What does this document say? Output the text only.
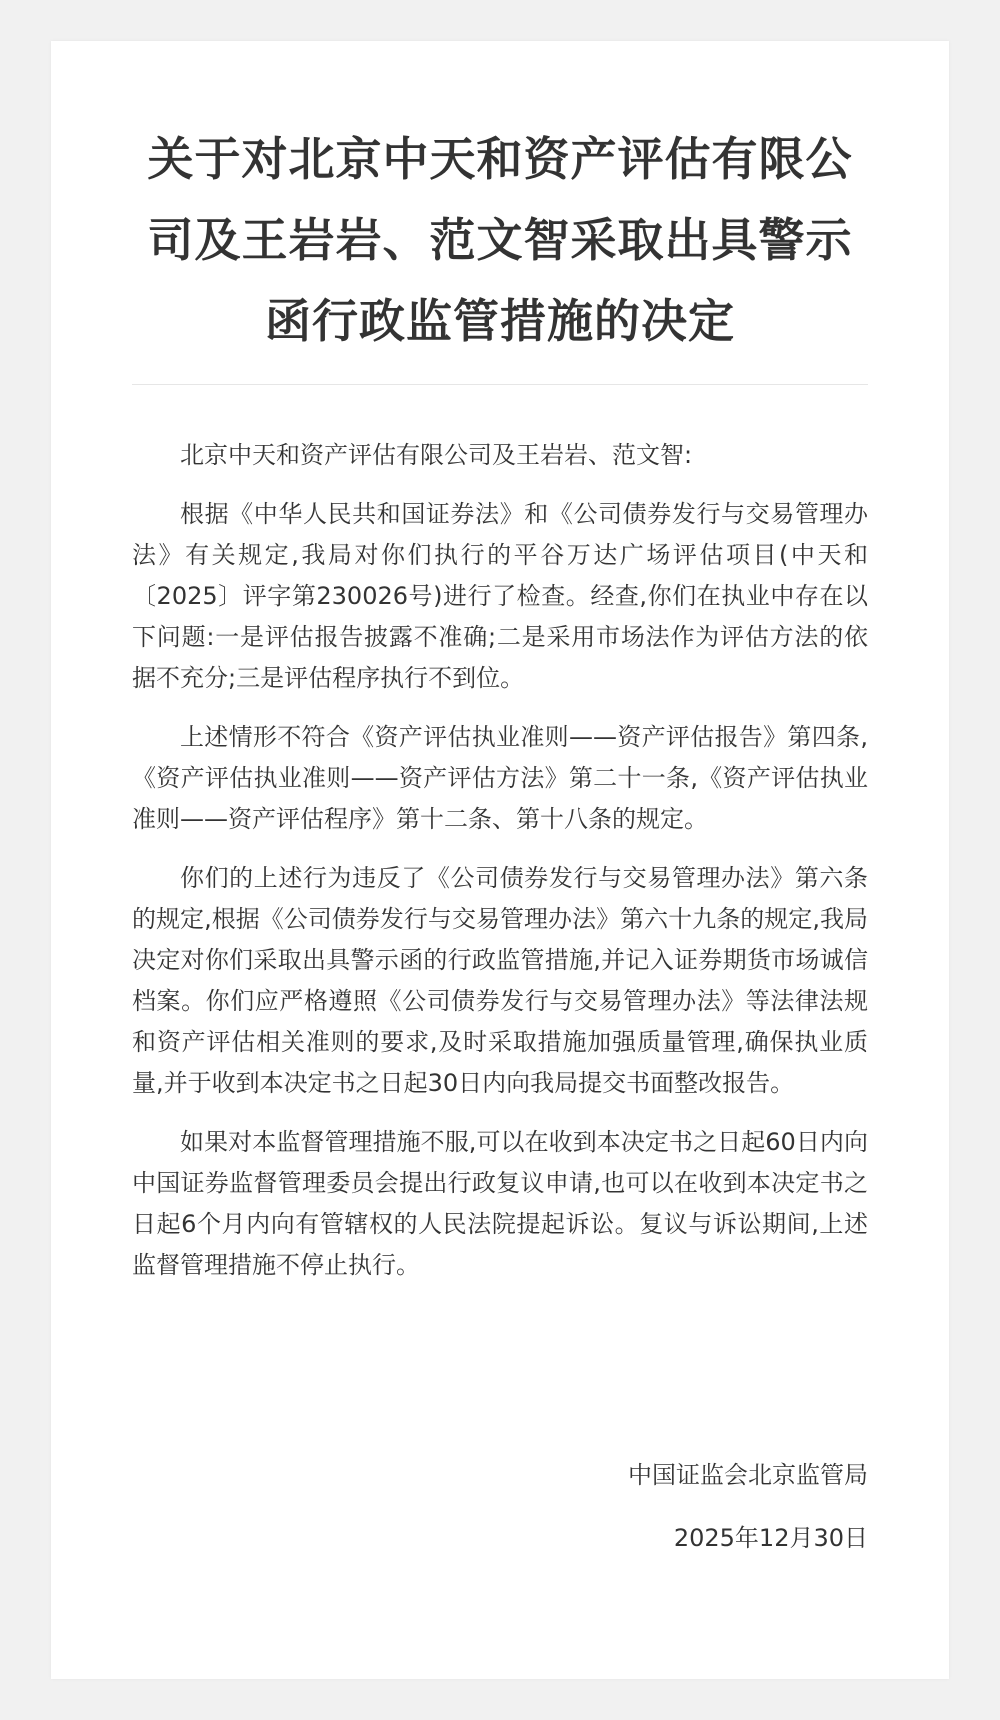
关于对北京中天和资产评估有限公司及王岩岩、范文智采取出具警示函行政监管措施的决定

北京中天和资产评估有限公司及王岩岩、范文智:

根据《中华人民共和国证券法》和《公司债券发行与交易管理办法》有关规定,我局对你们执行的平谷万达广场评估项目(中天和〔2025〕评字第230026号)进行了检查。经查,你们在执业中存在以下问题:一是评估报告披露不准确;二是采用市场法作为评估方法的依据不充分;三是评估程序执行不到位。

上述情形不符合《资产评估执业准则——资产评估报告》第四条,《资产评估执业准则——资产评估方法》第二十一条,《资产评估执业准则——资产评估程序》第十二条、第十八条的规定。

你们的上述行为违反了《公司债券发行与交易管理办法》第六条的规定,根据《公司债券发行与交易管理办法》第六十九条的规定,我局决定对你们采取出具警示函的行政监管措施,并记入证券期货市场诚信档案。你们应严格遵照《公司债券发行与交易管理办法》等法律法规和资产评估相关准则的要求,及时采取措施加强质量管理,确保执业质量,并于收到本决定书之日起30日内向我局提交书面整改报告。

如果对本监督管理措施不服,可以在收到本决定书之日起60日内向中国证券监督管理委员会提出行政复议申请,也可以在收到本决定书之日起6个月内向有管辖权的人民法院提起诉讼。复议与诉讼期间,上述监督管理措施不停止执行。

中国证监会北京监管局
2025年12月30日
